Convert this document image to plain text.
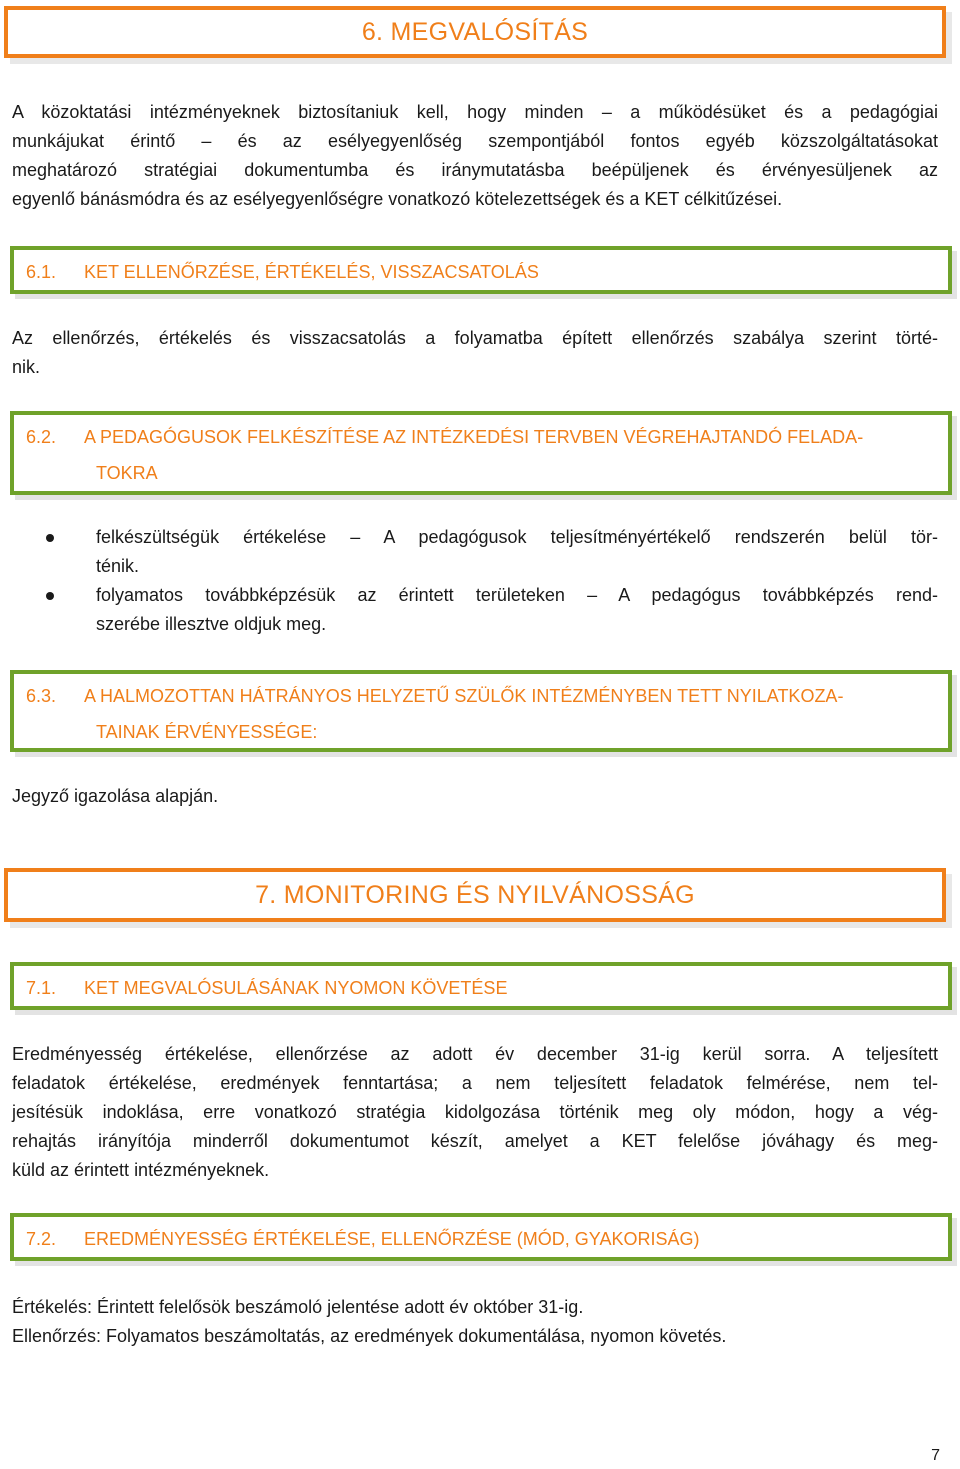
6. MEGVALÓSÍTÁS
A közoktatási intézményeknek biztosítaniuk kell, hogy minden – a működésüket és a pedagógiai
munkájukat érintő – és az esélyegyenlőség szempontjából fontos egyéb közszolgáltatásokat
meghatározó stratégiai dokumentumba és iránymutatásba beépüljenek és érvényesüljenek az
egyenlő bánásmódra és az esélyegyenlőségre vonatkozó kötelezettségek és a KET célkitűzései.
6.1. KET ELLENŐRZÉSE, ÉRTÉKELÉS, VISSZACSATOLÁS
Az ellenőrzés, értékelés és visszacsatolás a folyamatba épített ellenőrzés szabálya szerint törté-
nik.
6.2. A PEDAGÓGUSOK FELKÉSZÍTÉSE AZ INTÉZKEDÉSI TERVBEN VÉGREHAJTANDÓ FELADA-
TOKRA
felkészültségük értékelése – A pedagógusok teljesítményértékelő rendszerén belül tör-
ténik.
folyamatos továbbképzésük az érintett területeken – A pedagógus továbbképzés rend-
szerébe illesztve oldjuk meg.
6.3. A HALMOZOTTAN HÁTRÁNYOS HELYZETŰ SZÜLŐK INTÉZMÉNYBEN TETT NYILATKOZA-
TAINAK ÉRVÉNYESSÉGE:
Jegyző igazolása alapján.
7. MONITORING ÉS NYILVÁNOSSÁG
7.1. KET MEGVALÓSULÁSÁNAK NYOMON KÖVETÉSE
Eredményesség értékelése, ellenőrzése az adott év december 31-ig kerül sorra. A teljesített
feladatok értékelése, eredmények fenntartása; a nem teljesített feladatok felmérése, nem tel-
jesítésük indoklása, erre vonatkozó stratégia kidolgozása történik meg oly módon, hogy a vég-
rehajtás irányítója minderről dokumentumot készít, amelyet a KET felelőse jóváhagy és meg-
küld az érintett intézményeknek.
7.2. EREDMÉNYESSÉG ÉRTÉKELÉSE, ELLENŐRZÉSE (MÓD, GYAKORISÁG)
Értékelés: Érintett felelősök beszámoló jelentése adott év október 31-ig.
Ellenőrzés: Folyamatos beszámoltatás, az eredmények dokumentálása, nyomon követés.
7
